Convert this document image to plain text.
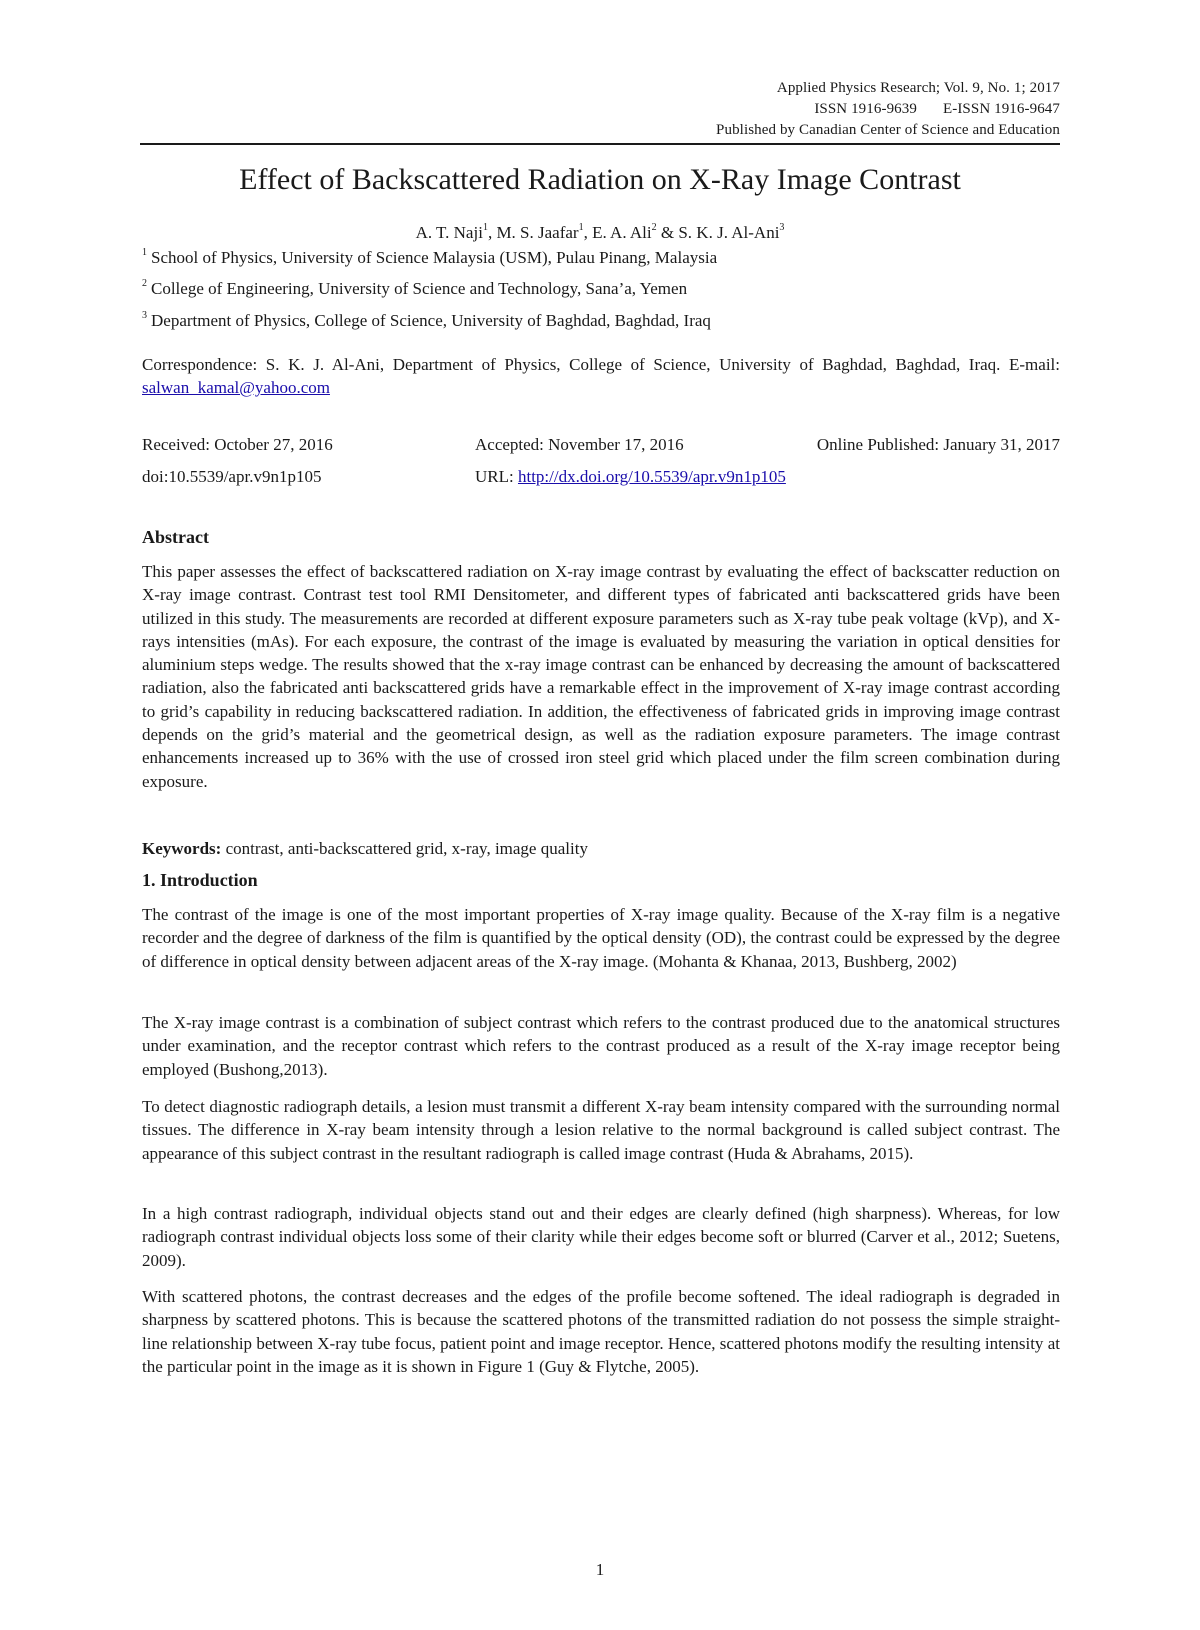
Applied Physics Research; Vol. 9, No. 1; 2017
ISSN 1916-9639 E-ISSN 1916-9647
Published by Canadian Center of Science and Education
Effect of Backscattered Radiation on X-Ray Image Contrast
A. T. Naji$^1$, M. S. Jaafar$^1$, E. A. Ali$^2$ & S. K. J. Al-Ani$^3$
$^1$ School of Physics, University of Science Malaysia (USM), Pulau Pinang, Malaysia
$^2$ College of Engineering, University of Science and Technology, Sana’a, Yemen
$^3$ Department of Physics, College of Science, University of Baghdad, Baghdad, Iraq
Correspondence: S. K. J. Al-Ani, Department of Physics, College of Science, University of Baghdad, Baghdad, Iraq. E-mail: salwan_kamal@yahoo.com
Received: October 27, 2016	Accepted: November 17, 2016	Online Published: January 31, 2017
doi:10.5539/apr.v9n1p105	URL: http://dx.doi.org/10.5539/apr.v9n1p105
Abstract

This paper assesses the effect of backscattered radiation on X-ray image contrast by evaluating the effect of backscatter reduction on X-ray image contrast. Contrast test tool RMI Densitometer, and different types of fabricated anti backscattered grids have been utilized in this study. The measurements are recorded at different exposure parameters such as X-ray tube peak voltage (kVp), and X-rays intensities (mAs). For each exposure, the contrast of the image is evaluated by measuring the variation in optical densities for aluminium steps wedge. The results showed that the x-ray image contrast can be enhanced by decreasing the amount of backscattered radiation, also the fabricated anti backscattered grids have a remarkable effect in the improvement of X-ray image contrast according to grid’s capability in reducing backscattered radiation. In addition, the effectiveness of fabricated grids in improving image contrast depends on the grid’s material and the geometrical design, as well as the radiation exposure parameters. The image contrast enhancements increased up to 36% with the use of crossed iron steel grid which placed under the film screen combination during exposure.

Keywords: contrast, anti-backscattered grid, x-ray, image quality
1. Introduction

The contrast of the image is one of the most important properties of X-ray image quality. Because of the X-ray film is a negative recorder and the degree of darkness of the film is quantified by the optical density (OD), the contrast could be expressed by the degree of difference in optical density between adjacent areas of the X-ray image. (Mohanta & Khanaa, 2013, Bushberg, 2002)

The X-ray image contrast is a combination of subject contrast which refers to the contrast produced due to the anatomical structures under examination, and the receptor contrast which refers to the contrast produced as a result of the X-ray image receptor being employed (Bushong,2013).

To detect diagnostic radiograph details, a lesion must transmit a different X-ray beam intensity compared with the surrounding normal tissues. The difference in X-ray beam intensity through a lesion relative to the normal background is called subject contrast. The appearance of this subject contrast in the resultant radiograph is called image contrast (Huda & Abrahams, 2015).

In a high contrast radiograph, individual objects stand out and their edges are clearly defined (high sharpness). Whereas, for low radiograph contrast individual objects loss some of their clarity while their edges become soft or blurred (Carver et al., 2012; Suetens, 2009).

With scattered photons, the contrast decreases and the edges of the profile become softened. The ideal radiograph is degraded in sharpness by scattered photons. This is because the scattered photons of the transmitted radiation do not possess the simple straight-line relationship between X-ray tube focus, patient point and image receptor. Hence, scattered photons modify the resulting intensity at the particular point in the image as it is shown in Figure 1 (Guy & Flytche, 2005).

1
